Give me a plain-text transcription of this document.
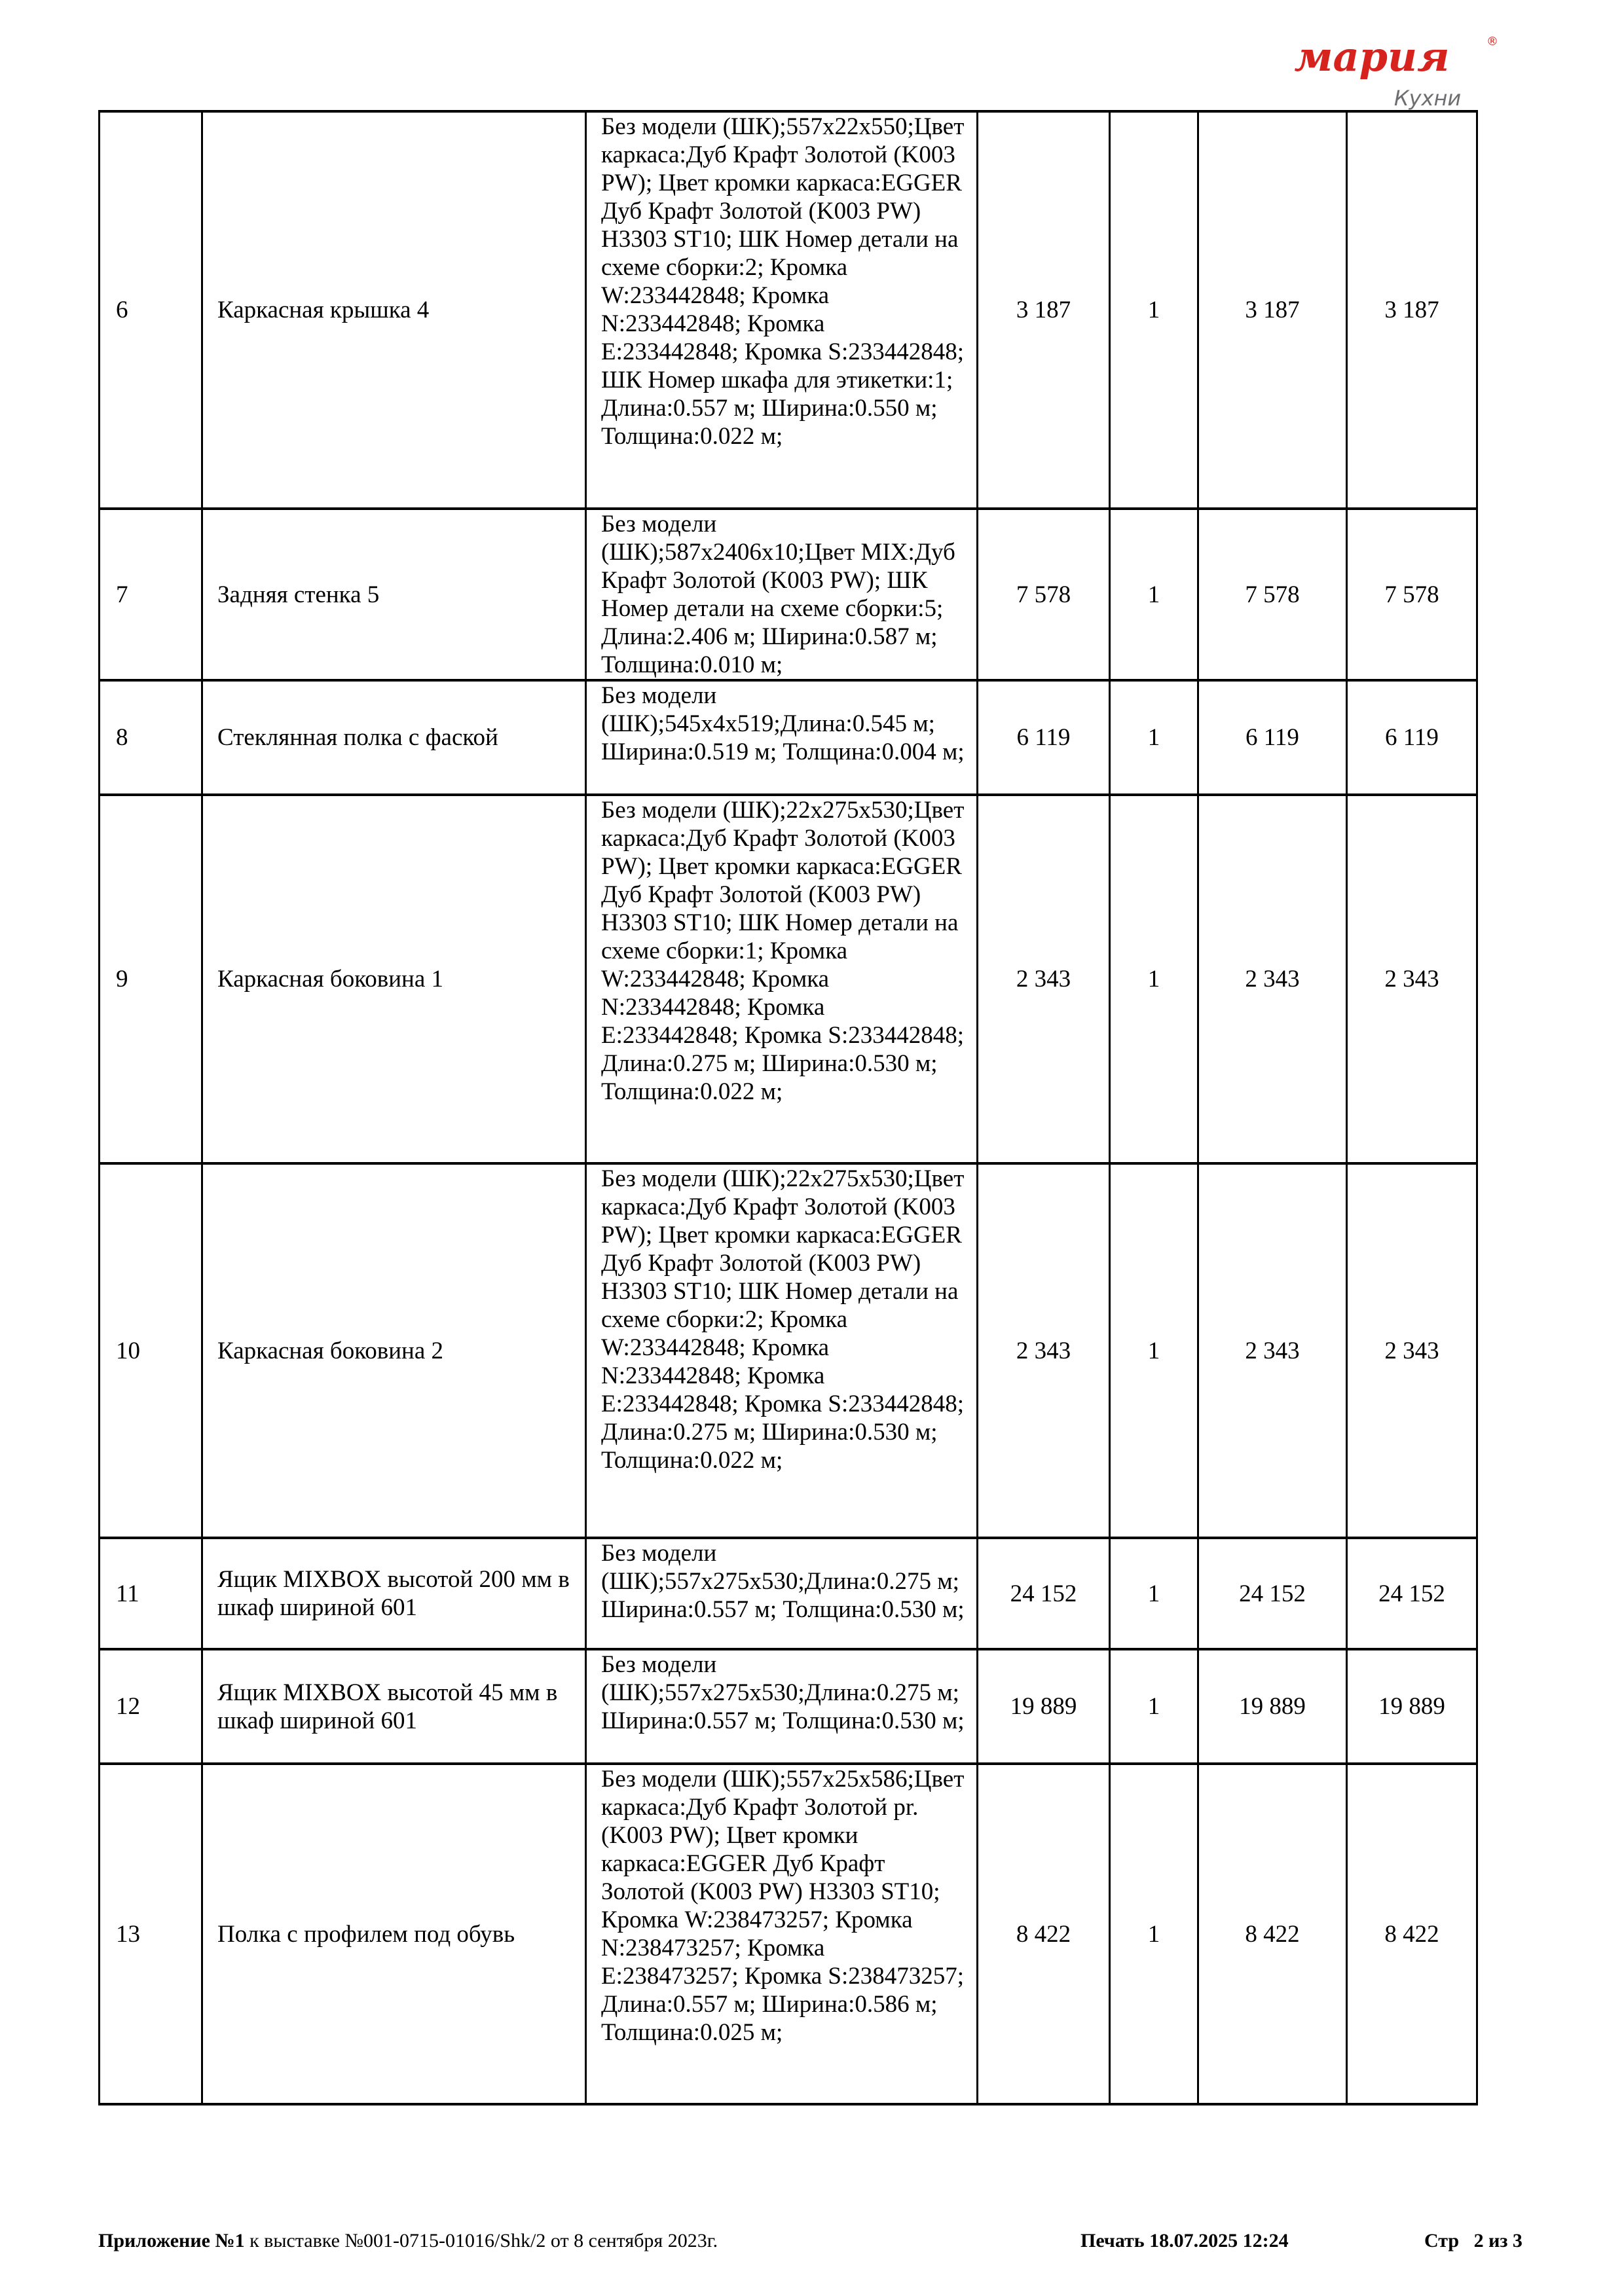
мария	®
Кухни
6	Каркасная крышка 4	Без модели (ШК);557x22x550;Цвет каркаса:Дуб Крафт Золотой (K003 PW); Цвет кромки каркаса:EGGER Дуб Крафт Золотой (K003 PW) H3303 ST10; ШК Номер детали на схеме сборки:2; Кромка W:233442848; Кромка N:233442848; Кромка E:233442848; Кромка S:233442848; ШК Номер шкафа для этикетки:1; Длина:0.557 м; Ширина:0.550 м; Толщина:0.022 м;	3 187	1	3 187	3 187
7	Задняя стенка 5	Без модели (ШК);587x2406x10;Цвет MIX:Дуб Крафт Золотой (K003 PW); ШК Номер детали на схеме сборки:5; Длина:2.406 м; Ширина:0.587 м; Толщина:0.010 м;	7 578	1	7 578	7 578
8	Стеклянная полка с фаской	Без модели (ШК);545x4x519;Длина:0.545 м; Ширина:0.519 м; Толщина:0.004 м;	6 119	1	6 119	6 119
9	Каркасная боковина 1	Без модели (ШК);22x275x530;Цвет каркаса:Дуб Крафт Золотой (K003 PW); Цвет кромки каркаса:EGGER Дуб Крафт Золотой (K003 PW) H3303 ST10; ШК Номер детали на схеме сборки:1; Кромка W:233442848; Кромка N:233442848; Кромка E:233442848; Кромка S:233442848; Длина:0.275 м; Ширина:0.530 м; Толщина:0.022 м;	2 343	1	2 343	2 343
10	Каркасная боковина 2	Без модели (ШК);22x275x530;Цвет каркаса:Дуб Крафт Золотой (K003 PW); Цвет кромки каркаса:EGGER Дуб Крафт Золотой (K003 PW) H3303 ST10; ШК Номер детали на схеме сборки:2; Кромка W:233442848; Кромка N:233442848; Кромка E:233442848; Кромка S:233442848; Длина:0.275 м; Ширина:0.530 м; Толщина:0.022 м;	2 343	1	2 343	2 343
11	Ящик MIXBOX высотой 200 мм в шкаф шириной 601	Без модели (ШК);557x275x530;Длина:0.275 м; Ширина:0.557 м; Толщина:0.530 м;	24 152	1	24 152	24 152
12	Ящик MIXBOX высотой 45 мм в шкаф шириной 601	Без модели (ШК);557x275x530;Длина:0.275 м; Ширина:0.557 м; Толщина:0.530 м;	19 889	1	19 889	19 889
13	Полка с профилем под обувь	Без модели (ШК);557x25x586;Цвет каркаса:Дуб Крафт Золотой pr. (K003 PW); Цвет кромки каркаса:EGGER Дуб Крафт Золотой (K003 PW) H3303 ST10; Кромка W:238473257; Кромка N:238473257; Кромка E:238473257; Кромка S:238473257; Длина:0.557 м; Ширина:0.586 м; Толщина:0.025 м;	8 422	1	8 422	8 422
Приложение №1 к выставке №001-0715-01016/Shk/2 от 8 сентября 2023г.	Печать 18.07.2025 12:24	Стр 2 из 3
